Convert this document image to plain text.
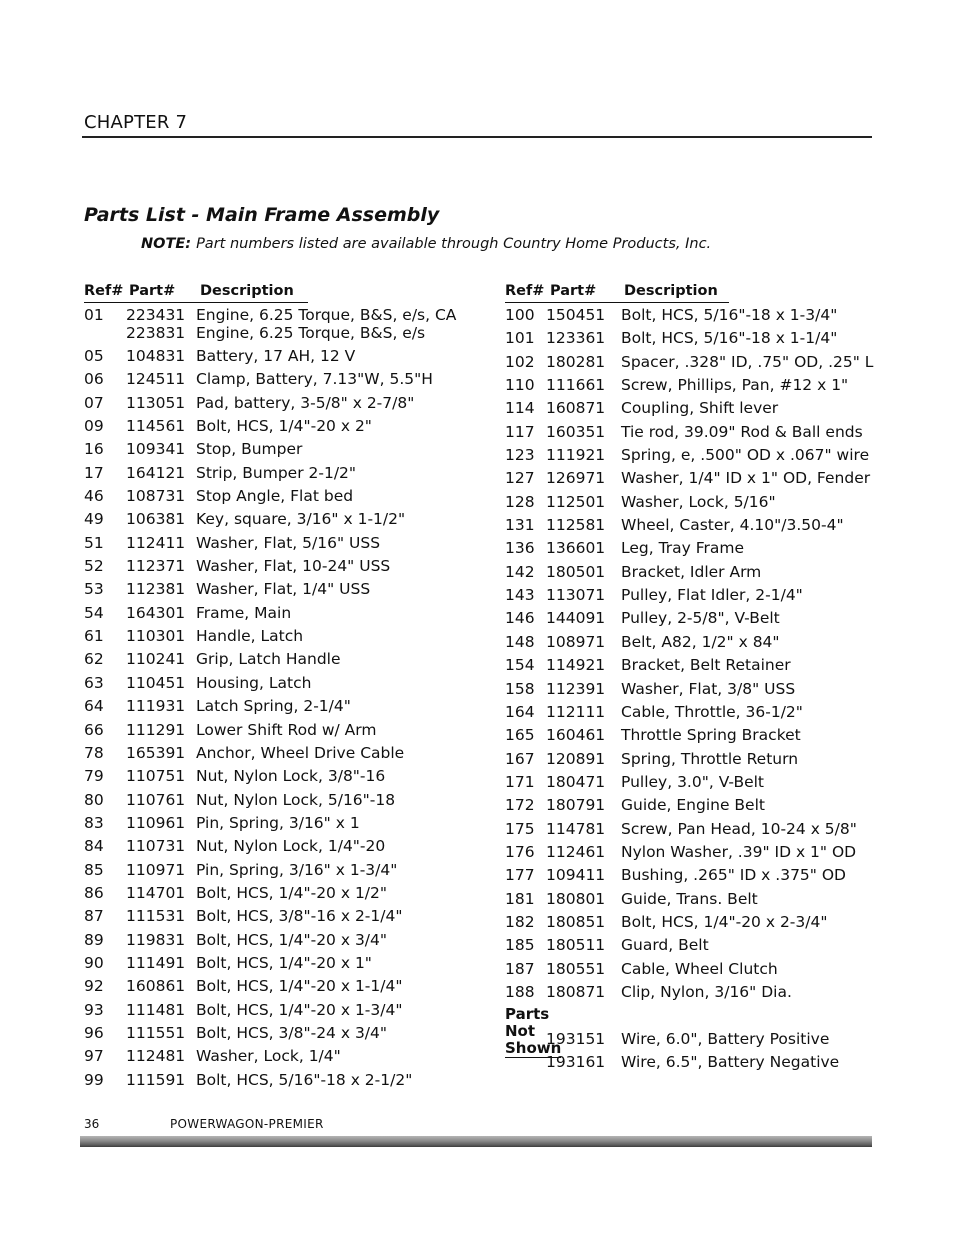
CHAPTER 7
Parts List - Main Frame Assembly
NOTE: Part numbers listed are available through Country Home Products, Inc.
Ref# Part# Description
01 223431 Engine, 6.25 Torque, B&S, e/s, CA
223831 Engine, 6.25 Torque, B&S, e/s
05 104831 Battery, 17 AH, 12 V
06 124511 Clamp, Battery, 7.13"W, 5.5"H
07 113051 Pad, battery, 3-5/8" x 2-7/8"
09 114561 Bolt, HCS, 1/4"-20 x 2"
16 109341 Stop, Bumper
17 164121 Strip, Bumper 2-1/2"
46 108731 Stop Angle, Flat bed
49 106381 Key, square, 3/16" x 1-1/2"
51 112411 Washer, Flat, 5/16" USS
52 112371 Washer, Flat, 10-24" USS
53 112381 Washer, Flat, 1/4" USS
54 164301 Frame, Main
61 110301 Handle, Latch
62 110241 Grip, Latch Handle
63 110451 Housing, Latch
64 111931 Latch Spring, 2-1/4"
66 111291 Lower Shift Rod w/ Arm
78 165391 Anchor, Wheel Drive Cable
79 110751 Nut, Nylon Lock, 3/8"-16
80 110761 Nut, Nylon Lock, 5/16"-18
83 110961 Pin, Spring, 3/16" x 1
84 110731 Nut, Nylon Lock, 1/4"-20
85 110971 Pin, Spring, 3/16" x 1-3/4"
86 114701 Bolt, HCS, 1/4"-20 x 1/2"
87 111531 Bolt, HCS, 3/8"-16 x 2-1/4"
89 119831 Bolt, HCS, 1/4"-20 x 3/4"
90 111491 Bolt, HCS, 1/4"-20 x 1"
92 160861 Bolt, HCS, 1/4"-20 x 1-1/4"
93 111481 Bolt, HCS, 1/4"-20 x 1-3/4"
96 111551 Bolt, HCS, 3/8"-24 x 3/4"
97 112481 Washer, Lock, 1/4"
99 111591 Bolt, HCS, 5/16"-18 x 2-1/2"
Ref# Part# Description
100 150451 Bolt, HCS, 5/16"-18 x 1-3/4"
101 123361 Bolt, HCS, 5/16"-18 x 1-1/4"
102 180281 Spacer, .328" ID, .75" OD, .25" L
110 111661 Screw, Phillips, Pan, #12 x 1"
114 160871 Coupling, Shift lever
117 160351 Tie rod, 39.09" Rod & Ball ends
123 111921 Spring, e, .500" OD x .067" wire
127 126971 Washer, 1/4" ID x 1" OD, Fender
128 112501 Washer, Lock, 5/16"
131 112581 Wheel, Caster, 4.10"/3.50-4"
136 136601 Leg, Tray Frame
142 180501 Bracket, Idler Arm
143 113071 Pulley, Flat Idler, 2-1/4"
146 144091 Pulley, 2-5/8", V-Belt
148 108971 Belt, A82, 1/2" x 84"
154 114921 Bracket, Belt Retainer
158 112391 Washer, Flat, 3/8" USS
164 112111 Cable, Throttle, 36-1/2"
165 160461 Throttle Spring Bracket
167 120891 Spring, Throttle Return
171 180471 Pulley, 3.0", V-Belt
172 180791 Guide, Engine Belt
175 114781 Screw, Pan Head, 10-24 x 5/8"
176 112461 Nylon Washer, .39" ID x 1" OD
177 109411 Bushing, .265" ID x .375" OD
181 180801 Guide, Trans. Belt
182 180851 Bolt, HCS, 1/4"-20 x 2-3/4"
185 180511 Guard, Belt
187 180551 Cable, Wheel Clutch
188 180871 Clip, Nylon, 3/16" Dia.
Parts Not Shown
193151 Wire, 6.0", Battery Positive
193161 Wire, 6.5", Battery Negative
36	POWERWAGON-PREMIER
